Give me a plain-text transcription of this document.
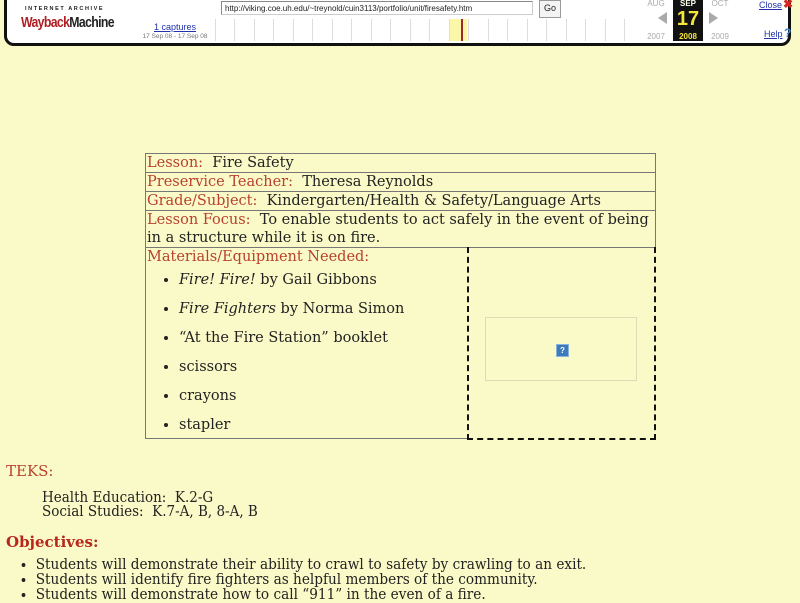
INTERNET ARCHIVE
WaybackMachine	1 captures
17 Sep 08 - 17 Sep 08
http://viking.coe.uh.edu/~treynold/cuin3113/portfolio/unit/firesafety.htm	Go	AUG
2007
SEP
17
2008
OCT
2009
Close ✖
Help ?
Lesson: Fire Safety
Preservice Teacher: Theresa Reynolds
Grade/Subject: Kindergarten/Health & Safety/Language Arts
Lesson Focus: To enable students to act safely in the event of being in a structure while it is on fire.
Materials/Equipment Needed:
• Fire! Fire! by Gail Gibbons
• Fire Fighters by Norma Simon
• “At the Fire Station” booklet
• scissors
• crayons
• stapler

?
TEKS:
Health Education:  K.2-G
Social Studies:  K.7-A, B, 8-A, B
Objectives:
• Students will demonstrate their ability to crawl to safety by crawling to an exit.
• Students will identify fire fighters as helpful members of the community.
• Students will demonstrate how to call “911” in the even of a fire.
